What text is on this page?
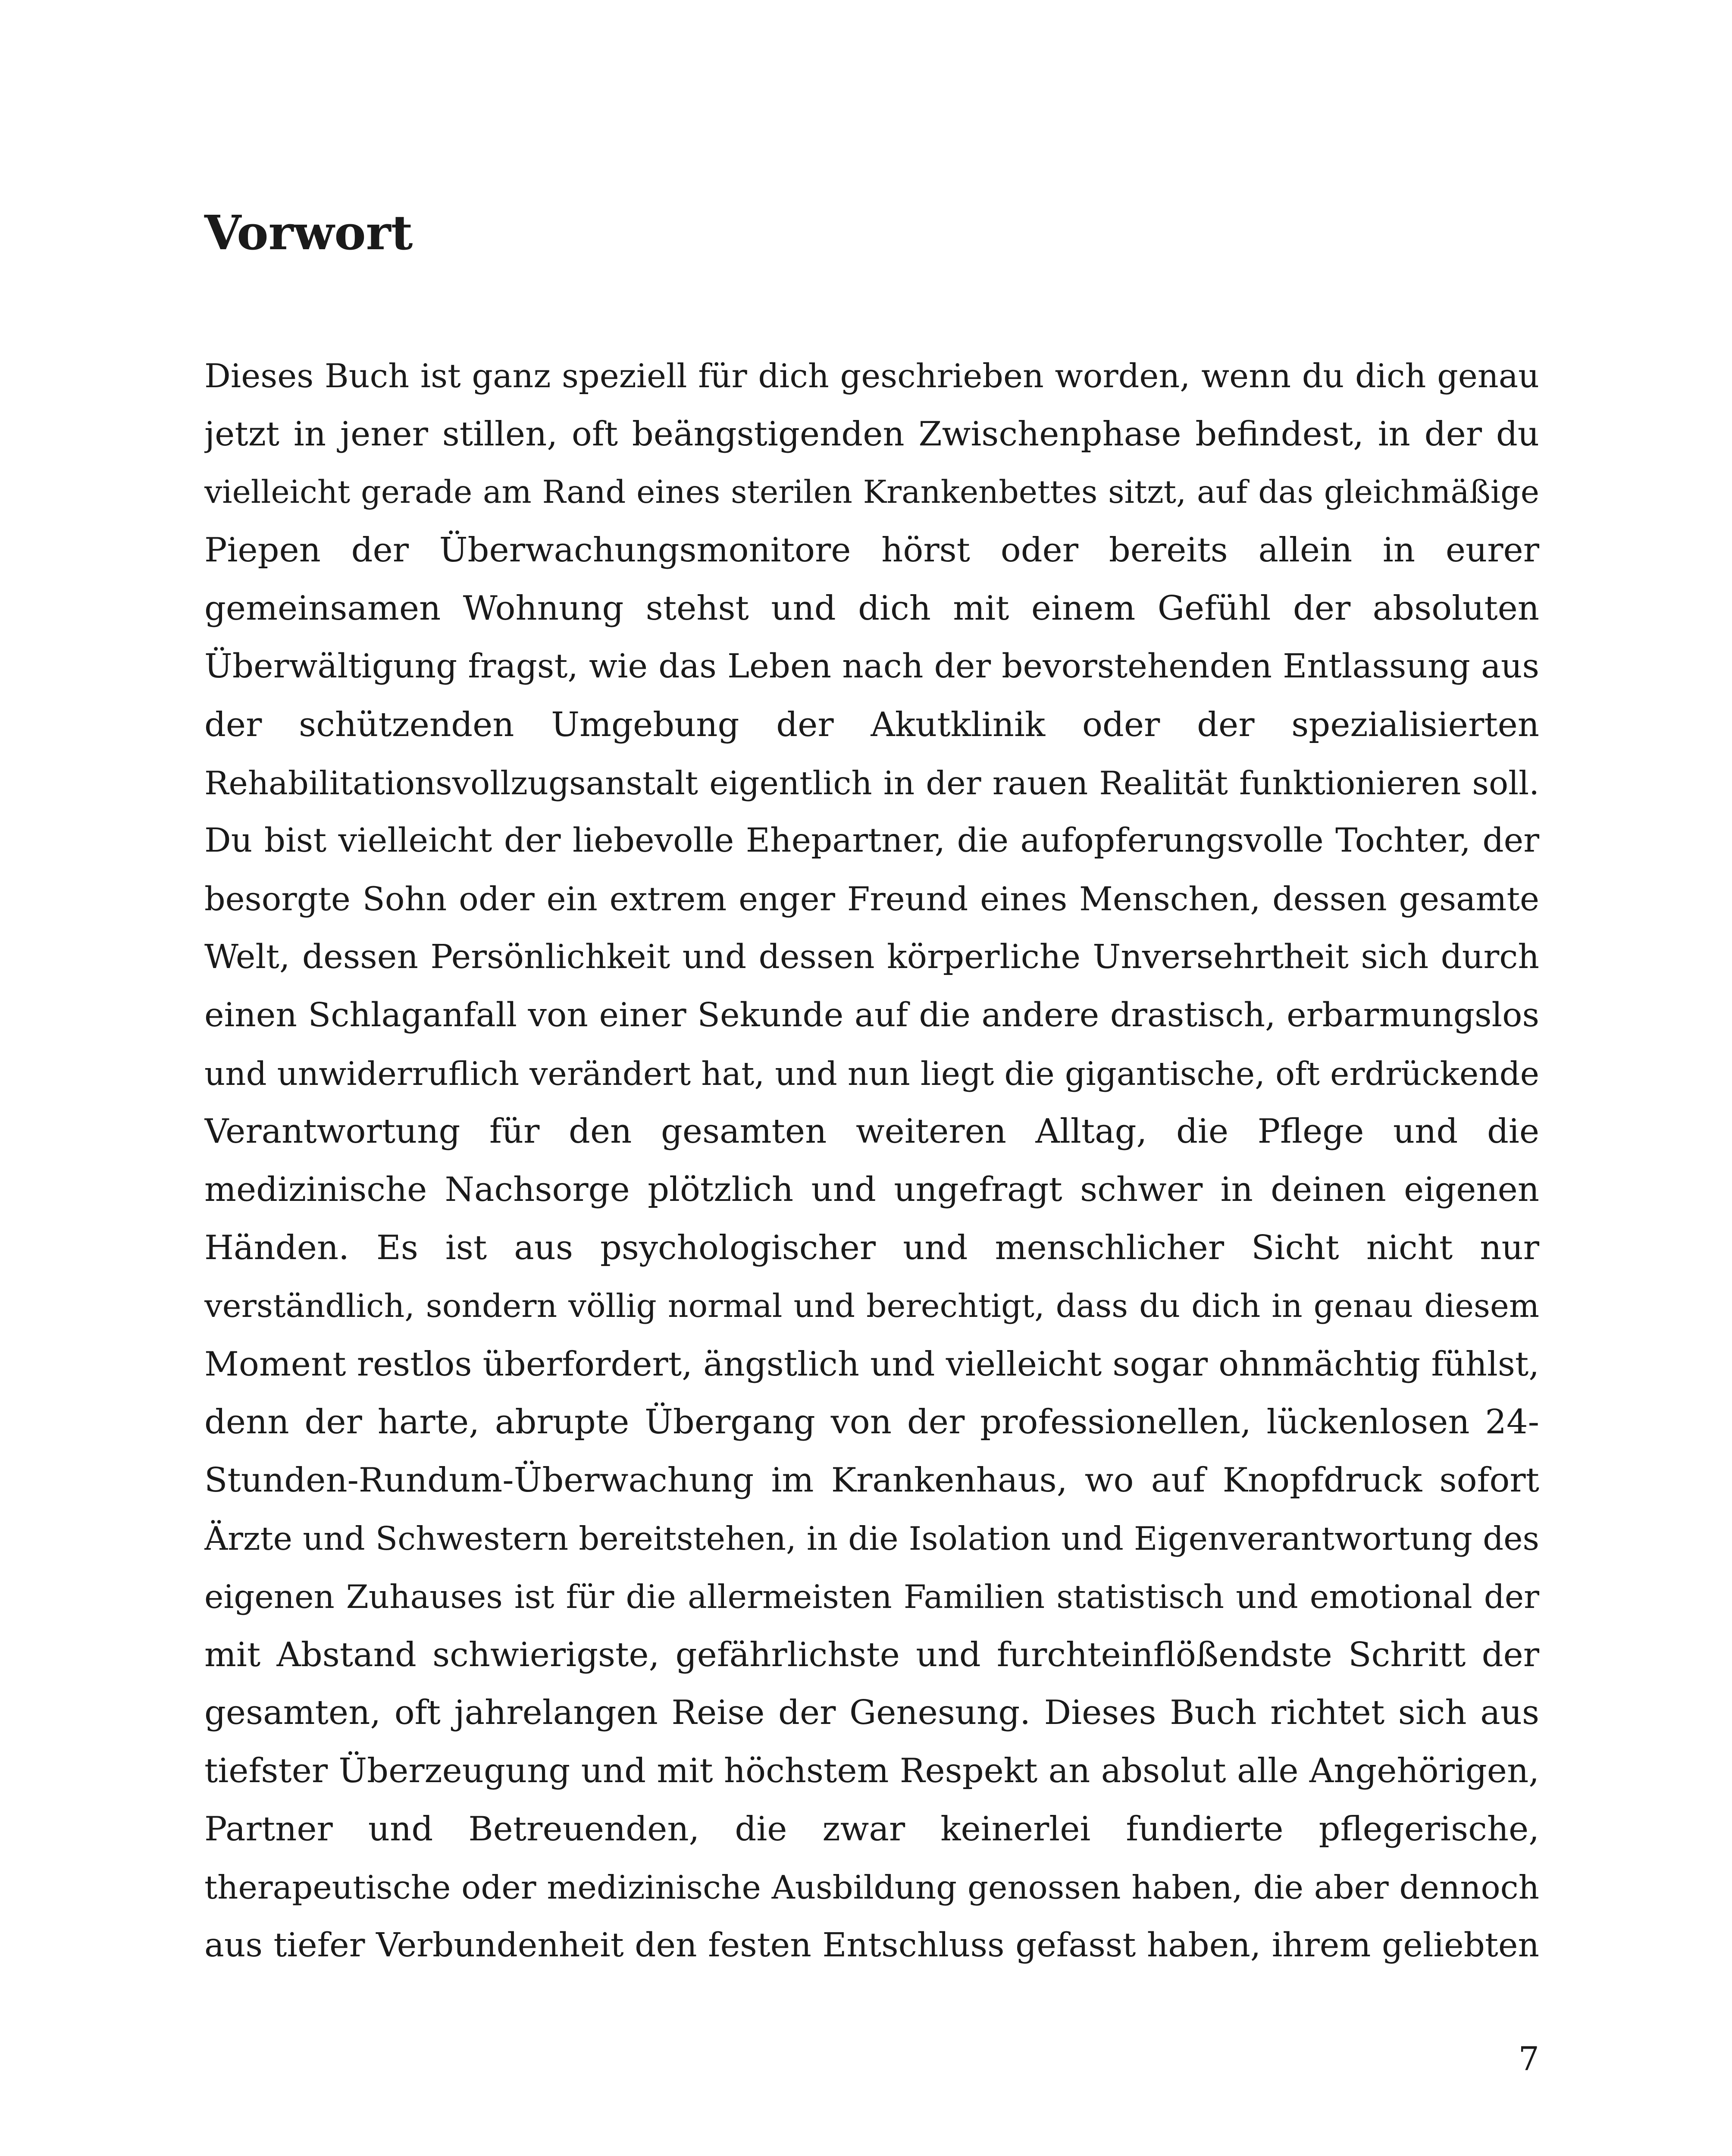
Vorwort
Dieses Buch ist ganz speziell für dich geschrieben worden, wenn du dich genau
jetzt in jener stillen, oft beängstigenden Zwischenphase befindest, in der du
vielleicht gerade am Rand eines sterilen Krankenbettes sitzt, auf das gleichmäßige
Piepen der Überwachungsmonitore hörst oder bereits allein in eurer
gemeinsamen Wohnung stehst und dich mit einem Gefühl der absoluten
Überwältigung fragst, wie das Leben nach der bevorstehenden Entlassung aus
der schützenden Umgebung der Akutklinik oder der spezialisierten
Rehabilitationsvollzugsanstalt eigentlich in der rauen Realität funktionieren soll.
Du bist vielleicht der liebevolle Ehepartner, die aufopferungsvolle Tochter, der
besorgte Sohn oder ein extrem enger Freund eines Menschen, dessen gesamte
Welt, dessen Persönlichkeit und dessen körperliche Unversehrtheit sich durch
einen Schlaganfall von einer Sekunde auf die andere drastisch, erbarmungslos
und unwiderruflich verändert hat, und nun liegt die gigantische, oft erdrückende
Verantwortung für den gesamten weiteren Alltag, die Pflege und die
medizinische Nachsorge plötzlich und ungefragt schwer in deinen eigenen
Händen. Es ist aus psychologischer und menschlicher Sicht nicht nur
verständlich, sondern völlig normal und berechtigt, dass du dich in genau diesem
Moment restlos überfordert, ängstlich und vielleicht sogar ohnmächtig fühlst,
denn der harte, abrupte Übergang von der professionellen, lückenlosen 24-
Stunden-Rundum-Überwachung im Krankenhaus, wo auf Knopfdruck sofort
Ärzte und Schwestern bereitstehen, in die Isolation und Eigenverantwortung des
eigenen Zuhauses ist für die allermeisten Familien statistisch und emotional der
mit Abstand schwierigste, gefährlichste und furchteinflößendste Schritt der
gesamten, oft jahrelangen Reise der Genesung. Dieses Buch richtet sich aus
tiefster Überzeugung und mit höchstem Respekt an absolut alle Angehörigen,
Partner und Betreuenden, die zwar keinerlei fundierte pflegerische,
therapeutische oder medizinische Ausbildung genossen haben, die aber dennoch
aus tiefer Verbundenheit den festen Entschluss gefasst haben, ihrem geliebten
7
